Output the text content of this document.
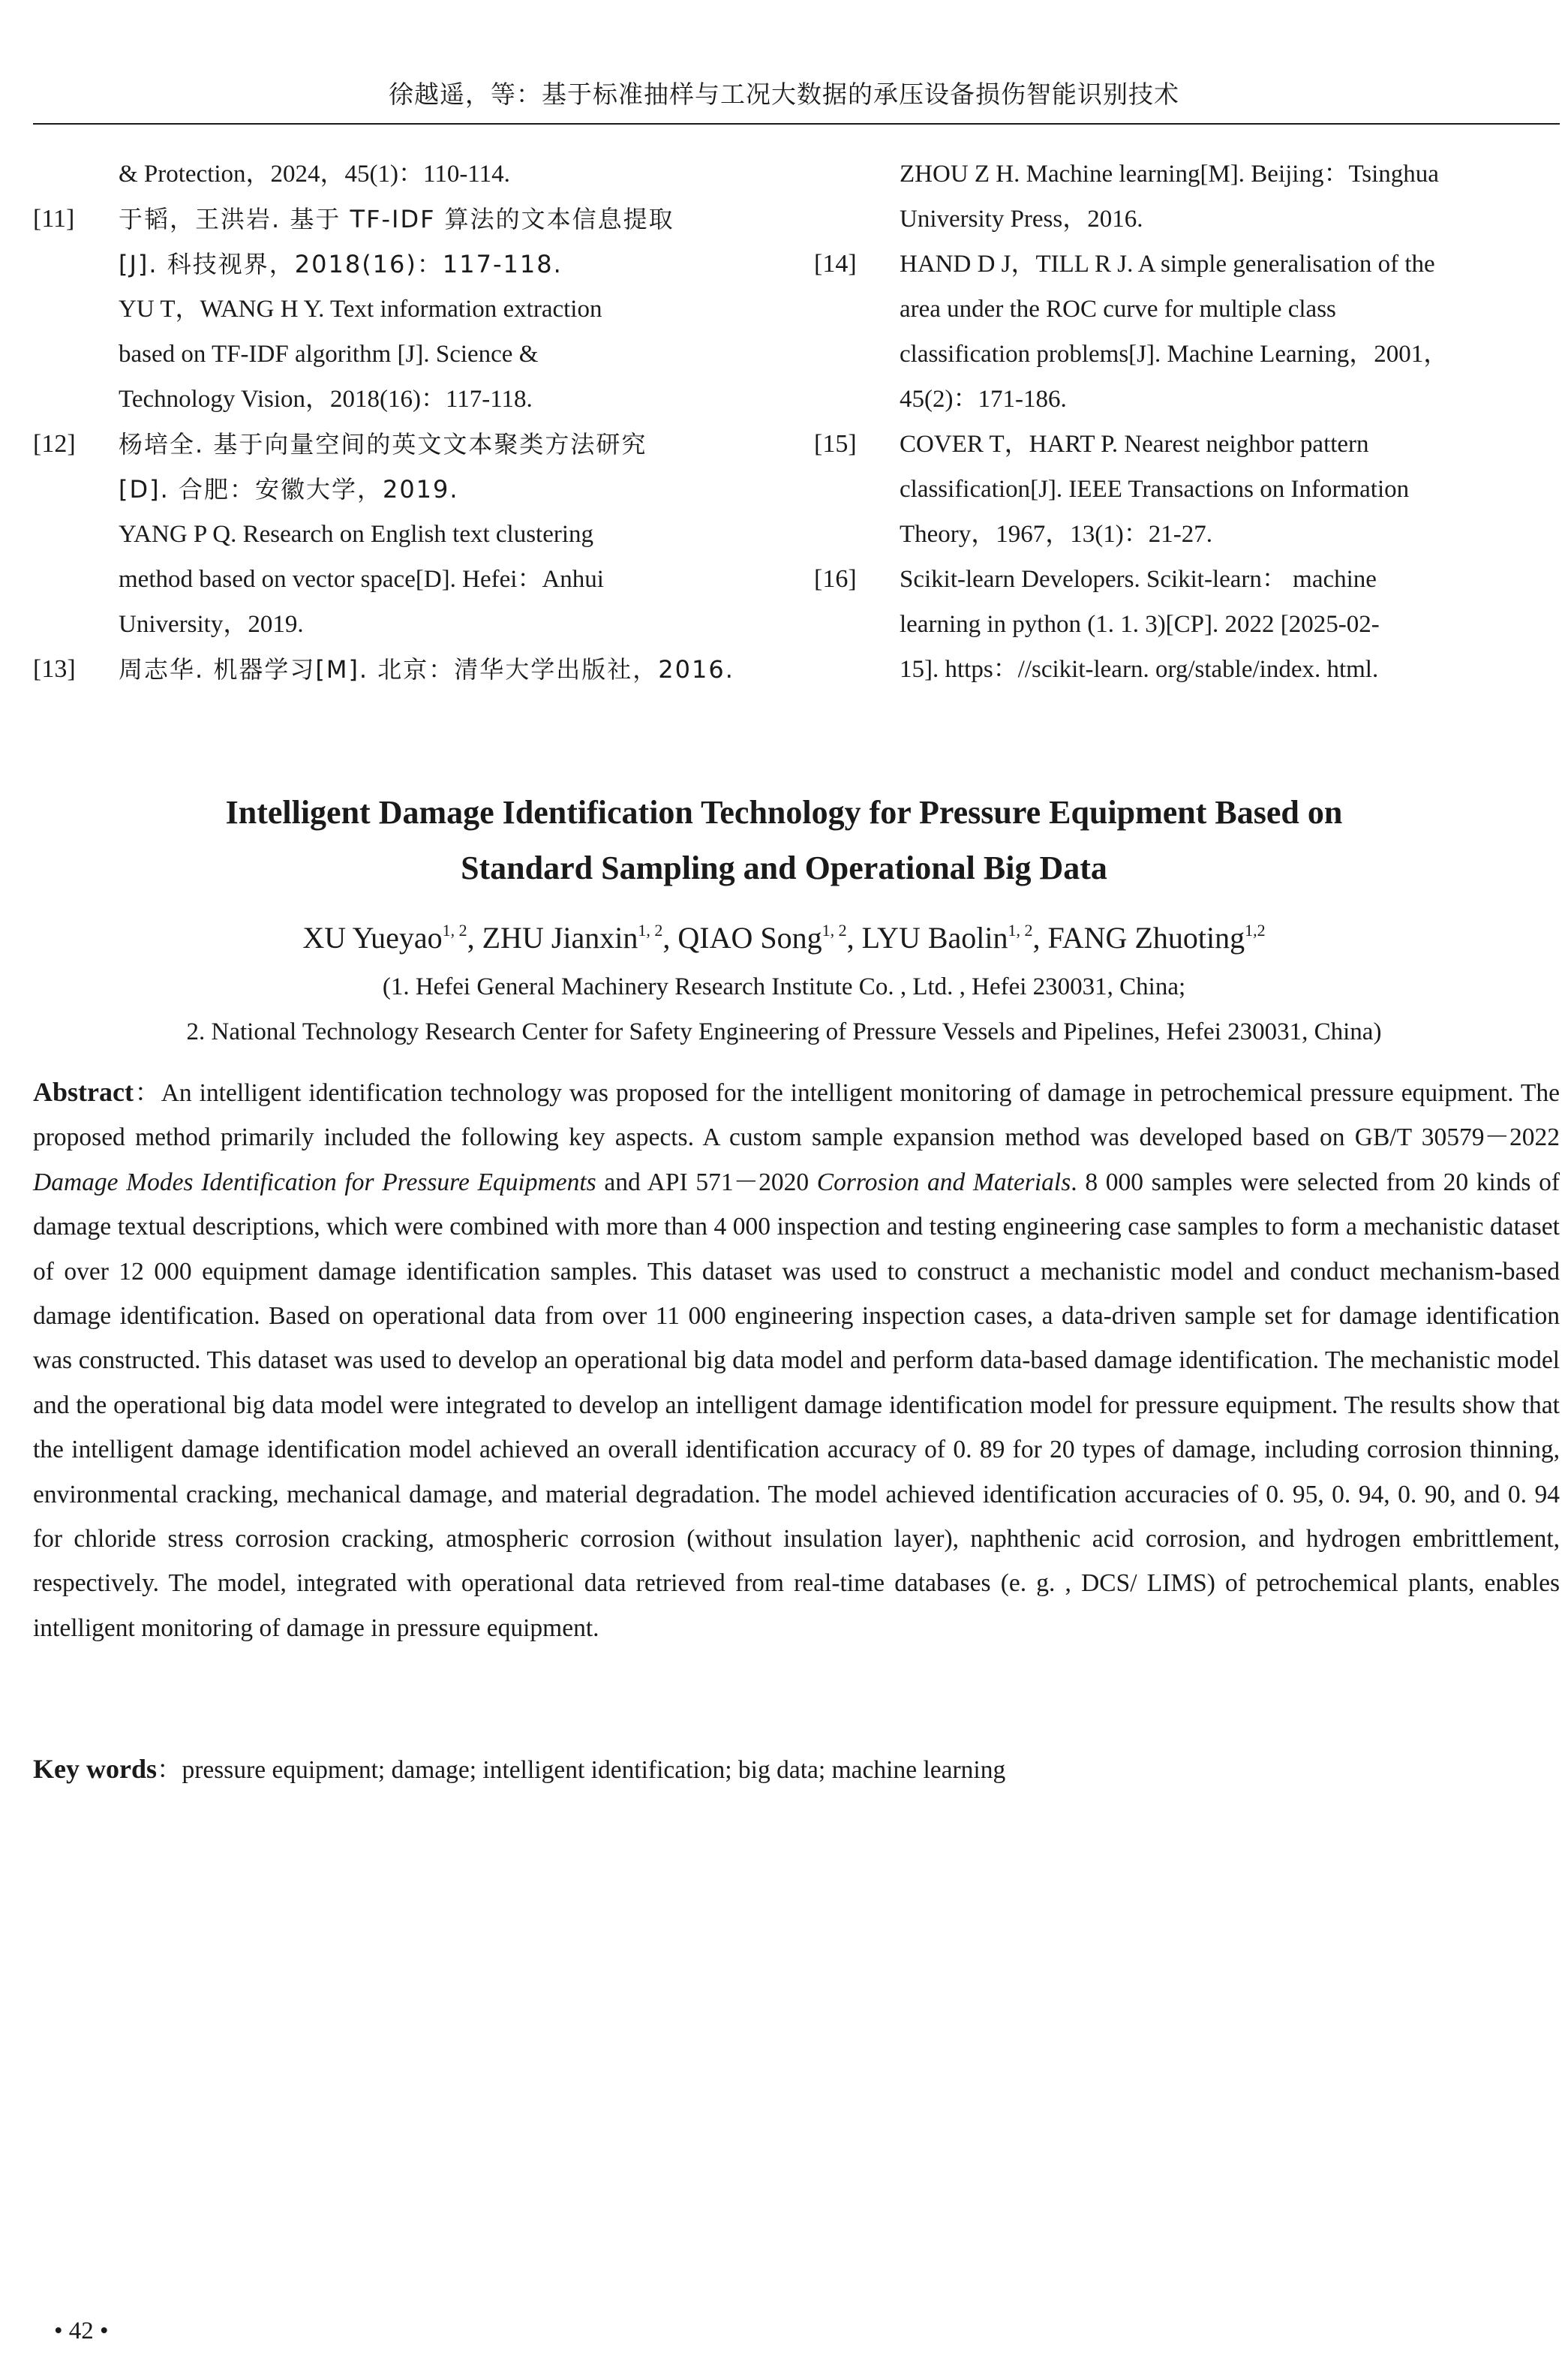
徐越遥，等：基于标准抽样与工况大数据的承压设备损伤智能识别技术
& Protection，2024，45(1)：110-114.
[11] 于韬，王洪岩. 基于 TF-IDF 算法的文本信息提取
[J]. 科技视界，2018(16)：117-118.
YU T，WANG H Y. Text information extraction
based on TF-IDF algorithm [J]. Science &
Technology Vision，2018(16)：117-118.
[12] 杨培全. 基于向量空间的英文文本聚类方法研究
[D]. 合肥：安徽大学，2019.
YANG P Q. Research on English text clustering
method based on vector space[D]. Hefei：Anhui
University，2019.
[13] 周志华. 机器学习[M]. 北京：清华大学出版社，2016.
ZHOU Z H. Machine learning[M]. Beijing：Tsinghua
University Press，2016.
[14] HAND D J，TILL R J. A simple generalisation of the
area under the ROC curve for multiple class
classification problems[J]. Machine Learning，2001，
45(2)：171-186.
[15] COVER T，HART P. Nearest neighbor pattern
classification[J]. IEEE Transactions on Information
Theory，1967，13(1)：21-27.
[16] Scikit-learn Developers. Scikit-learn： machine
learning in python (1. 1. 3)[CP]. 2022 [2025-02-
15]. https：//scikit-learn. org/stable/index. html.
Intelligent Damage Identification Technology for Pressure Equipment Based on
Standard Sampling and Operational Big Data
XU Yueyao$^{1, 2}$, ZHU Jianxin$^{1, 2}$, QIAO Song$^{1, 2}$, LYU Baolin$^{1, 2}$, FANG Zhuoting$^{1,2}$
(1. Hefei General Machinery Research Institute Co. , Ltd. , Hefei 230031, China;
2. National Technology Research Center for Safety Engineering of Pressure Vessels and Pipelines, Hefei 230031, China)

Abstract：An intelligent identification technology was proposed for the intelligent monitoring of damage in petrochemical pressure equipment. The proposed method primarily included the following key aspects. A custom sample expansion method was developed based on GB/T 30579－2022 Damage Modes Identification for Pressure Equipments and API 571－2020 Corrosion and Materials. 8 000 samples were selected from 20 kinds of damage textual descriptions, which were combined with more than 4 000 inspection and testing engineering case samples to form a mechanistic dataset of over 12 000 equipment damage identification samples. This dataset was used to construct a mechanistic model and conduct mechanism-based damage identification. Based on operational data from over 11 000 engineering inspection cases, a data-driven sample set for damage identification was constructed. This dataset was used to develop an operational big data model and perform data-based damage identification. The mechanistic model and the operational big data model were integrated to develop an intelligent damage identification model for pressure equipment. The results show that the intelligent damage identification model achieved an overall identification accuracy of 0. 89 for 20 types of damage, including corrosion thinning, environmental cracking, mechanical damage, and material degradation. The model achieved identification accuracies of 0. 95, 0. 94, 0. 90, and 0. 94 for chloride stress corrosion cracking, atmospheric corrosion (without insulation layer), naphthenic acid corrosion, and hydrogen embrittlement, respectively. The model, integrated with operational data retrieved from real-time databases (e. g. , DCS/ LIMS) of petrochemical plants, enables intelligent monitoring of damage in pressure equipment.

Key words：pressure equipment; damage; intelligent identification; big data; machine learning
• 42 •
